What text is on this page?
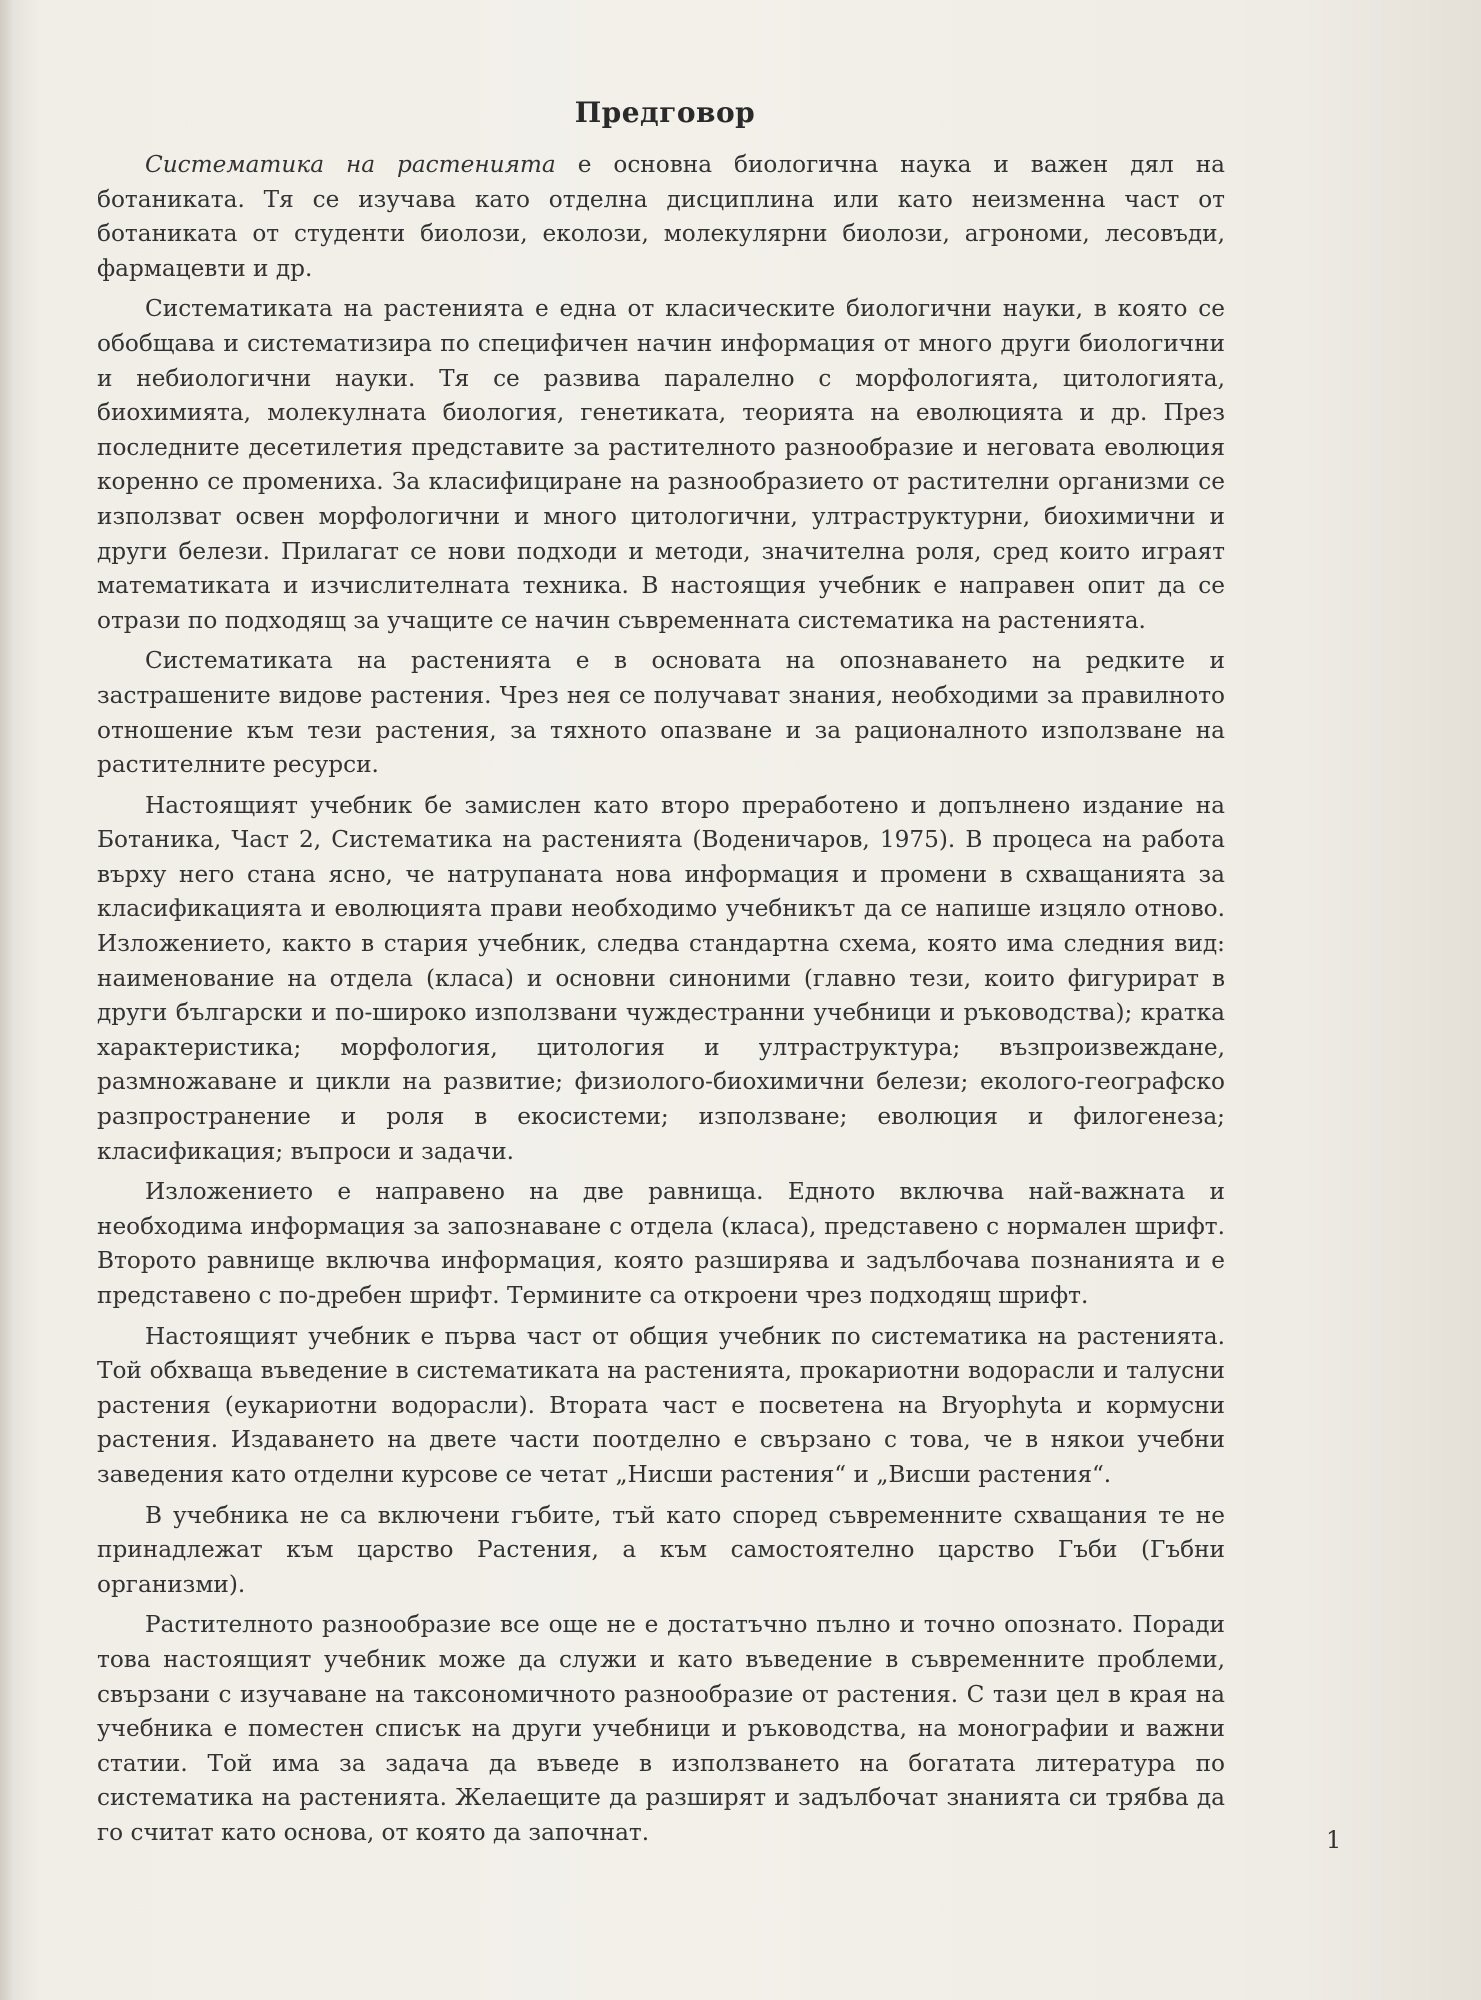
Предговор

Систематика на растенията е основна биологична наука и важен дял на ботаниката. Тя се изучава като отделна дисциплина или като неизменна част от ботаниката от студенти биолози, еколози, молекулярни биолози, агрономи, лесовъди, фармацевти и др.

Систематиката на растенията е една от класическите биологични науки, в която се обобщава и систематизира по специфичен начин информация от много други биологични и небиологични науки. Тя се развива паралелно с морфологията, цитологията, биохимията, молекулната биология, генетиката, теорията на еволюцията и др. През последните десетилетия представите за растителното разнообразие и неговата еволюция коренно се промениха. За класифициране на разнообразието от растителни организми се използват освен морфологични и много цитологични, ултраструктурни, биохимични и други белези. Прилагат се нови подходи и методи, значителна роля, сред които играят математиката и изчислителната техника. В настоящия учебник е направен опит да се отрази по подходящ за учащите се начин съвременната систематика на растенията.

Систематиката на растенията е в основата на опознаването на редките и застрашените видове растения. Чрез нея се получават знания, необходими за правилното отношение към тези растения, за тяхното опазване и за рационалното използване на растителните ресурси.

Настоящият учебник бе замислен като второ преработено и допълнено издание на Ботаника, Част 2, Систематика на растенията (Воденичаров, 1975). В процеса на работа върху него стана ясно, че натрупаната нова информация и промени в схващанията за класификацията и еволюцията прави необходимо учебникът да се напише изцяло отново. Изложението, както в стария учебник, следва стандартна схема, която има следния вид: наименование на отдела (класа) и основни синоними (главно тези, които фигурират в други български и по-широко използвани чуждестранни учебници и ръководства); кратка характеристика; морфология, цитология и ултраструктура; възпроизвеждане, размножаване и цикли на развитие; физиолого-биохимични белези; еколого-географско разпространение и роля в екосистеми; използване; еволюция и филогенеза; класификация; въпроси и задачи.

Изложението е направено на две равнища. Едното включва най-важната и необходима информация за запознаване с отдела (класа), представено с нормален шрифт. Второто равнище включва информация, която разширява и задълбочава познанията и е представено с по-дребен шрифт. Термините са откроени чрез подходящ шрифт.

Настоящият учебник е първа част от общия учебник по систематика на растенията. Той обхваща въведение в систематиката на растенията, прокариотни водорасли и талусни растения (еукариотни водорасли). Втората част е посветена на Bryophyta и кормусни растения. Издаването на двете части поотделно е свързано с това, че в някои учебни заведения като отделни курсове се четат „Нисши растения“ и „Висши растения“.

В учебника не са включени гъбите, тъй като според съвременните схващания те не принадлежат към царство Растения, а към самостоятелно царство Гъби (Гъбни организми).

Растителното разнообразие все още не е достатъчно пълно и точно опознато. Поради това настоящият учебник може да служи и като въведение в съвременните проблеми, свързани с изучаване на таксономичното разнообразие от растения. С тази цел в края на учебника е поместен списък на други учебници и ръководства, на монографии и важни статии. Той има за задача да въведе в използването на богатата литература по систематика на растенията. Желаещите да разширят и задълбочат знанията си трябва да го считат като основа, от която да започнат.	1
